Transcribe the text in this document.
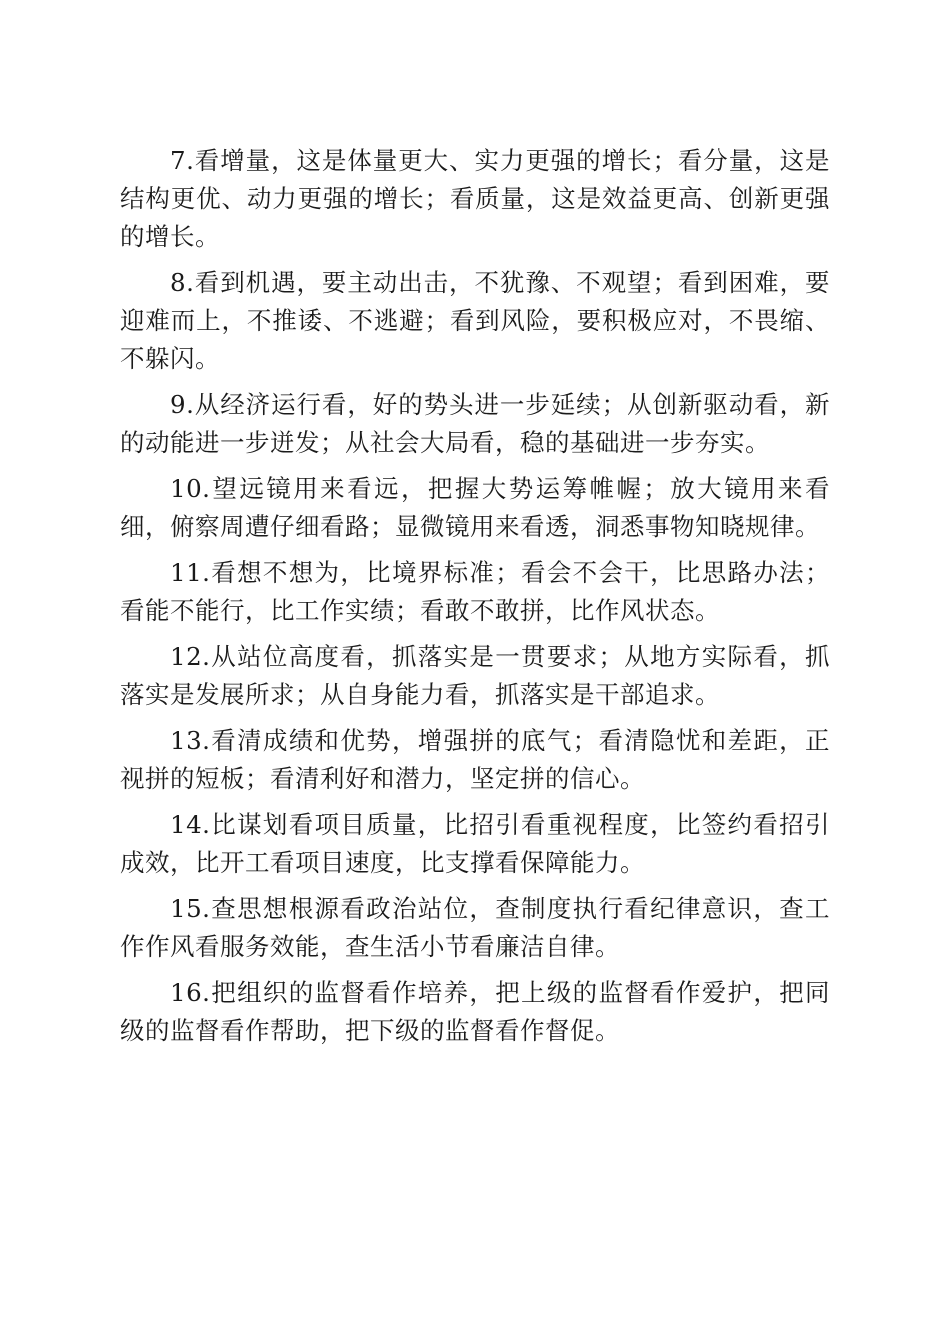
7.看增量，这是体量更大、实力更强的增长；看分量，这是结构更优、动力更强的增长；看质量，这是效益更高、创新更强的增长。

8.看到机遇，要主动出击，不犹豫、不观望；看到困难，要迎难而上，不推诿、不逃避；看到风险，要积极应对，不畏缩、不躲闪。

9.从经济运行看，好的势头进一步延续；从创新驱动看，新的动能进一步迸发；从社会大局看，稳的基础进一步夯实。

10.望远镜用来看远，把握大势运筹帷幄；放大镜用来看细，俯察周遭仔细看路；显微镜用来看透，洞悉事物知晓规律。

11.看想不想为，比境界标准；看会不会干，比思路办法；看能不能行，比工作实绩；看敢不敢拼，比作风状态。

12.从站位高度看，抓落实是一贯要求；从地方实际看，抓落实是发展所求；从自身能力看，抓落实是干部追求。

13.看清成绩和优势，增强拼的底气；看清隐忧和差距，正视拼的短板；看清利好和潜力，坚定拼的信心。

14.比谋划看项目质量，比招引看重视程度，比签约看招引成效，比开工看项目速度，比支撑看保障能力。

15.查思想根源看政治站位，查制度执行看纪律意识，查工作作风看服务效能，查生活小节看廉洁自律。

16.把组织的监督看作培养，把上级的监督看作爱护，把同级的监督看作帮助，把下级的监督看作督促。
